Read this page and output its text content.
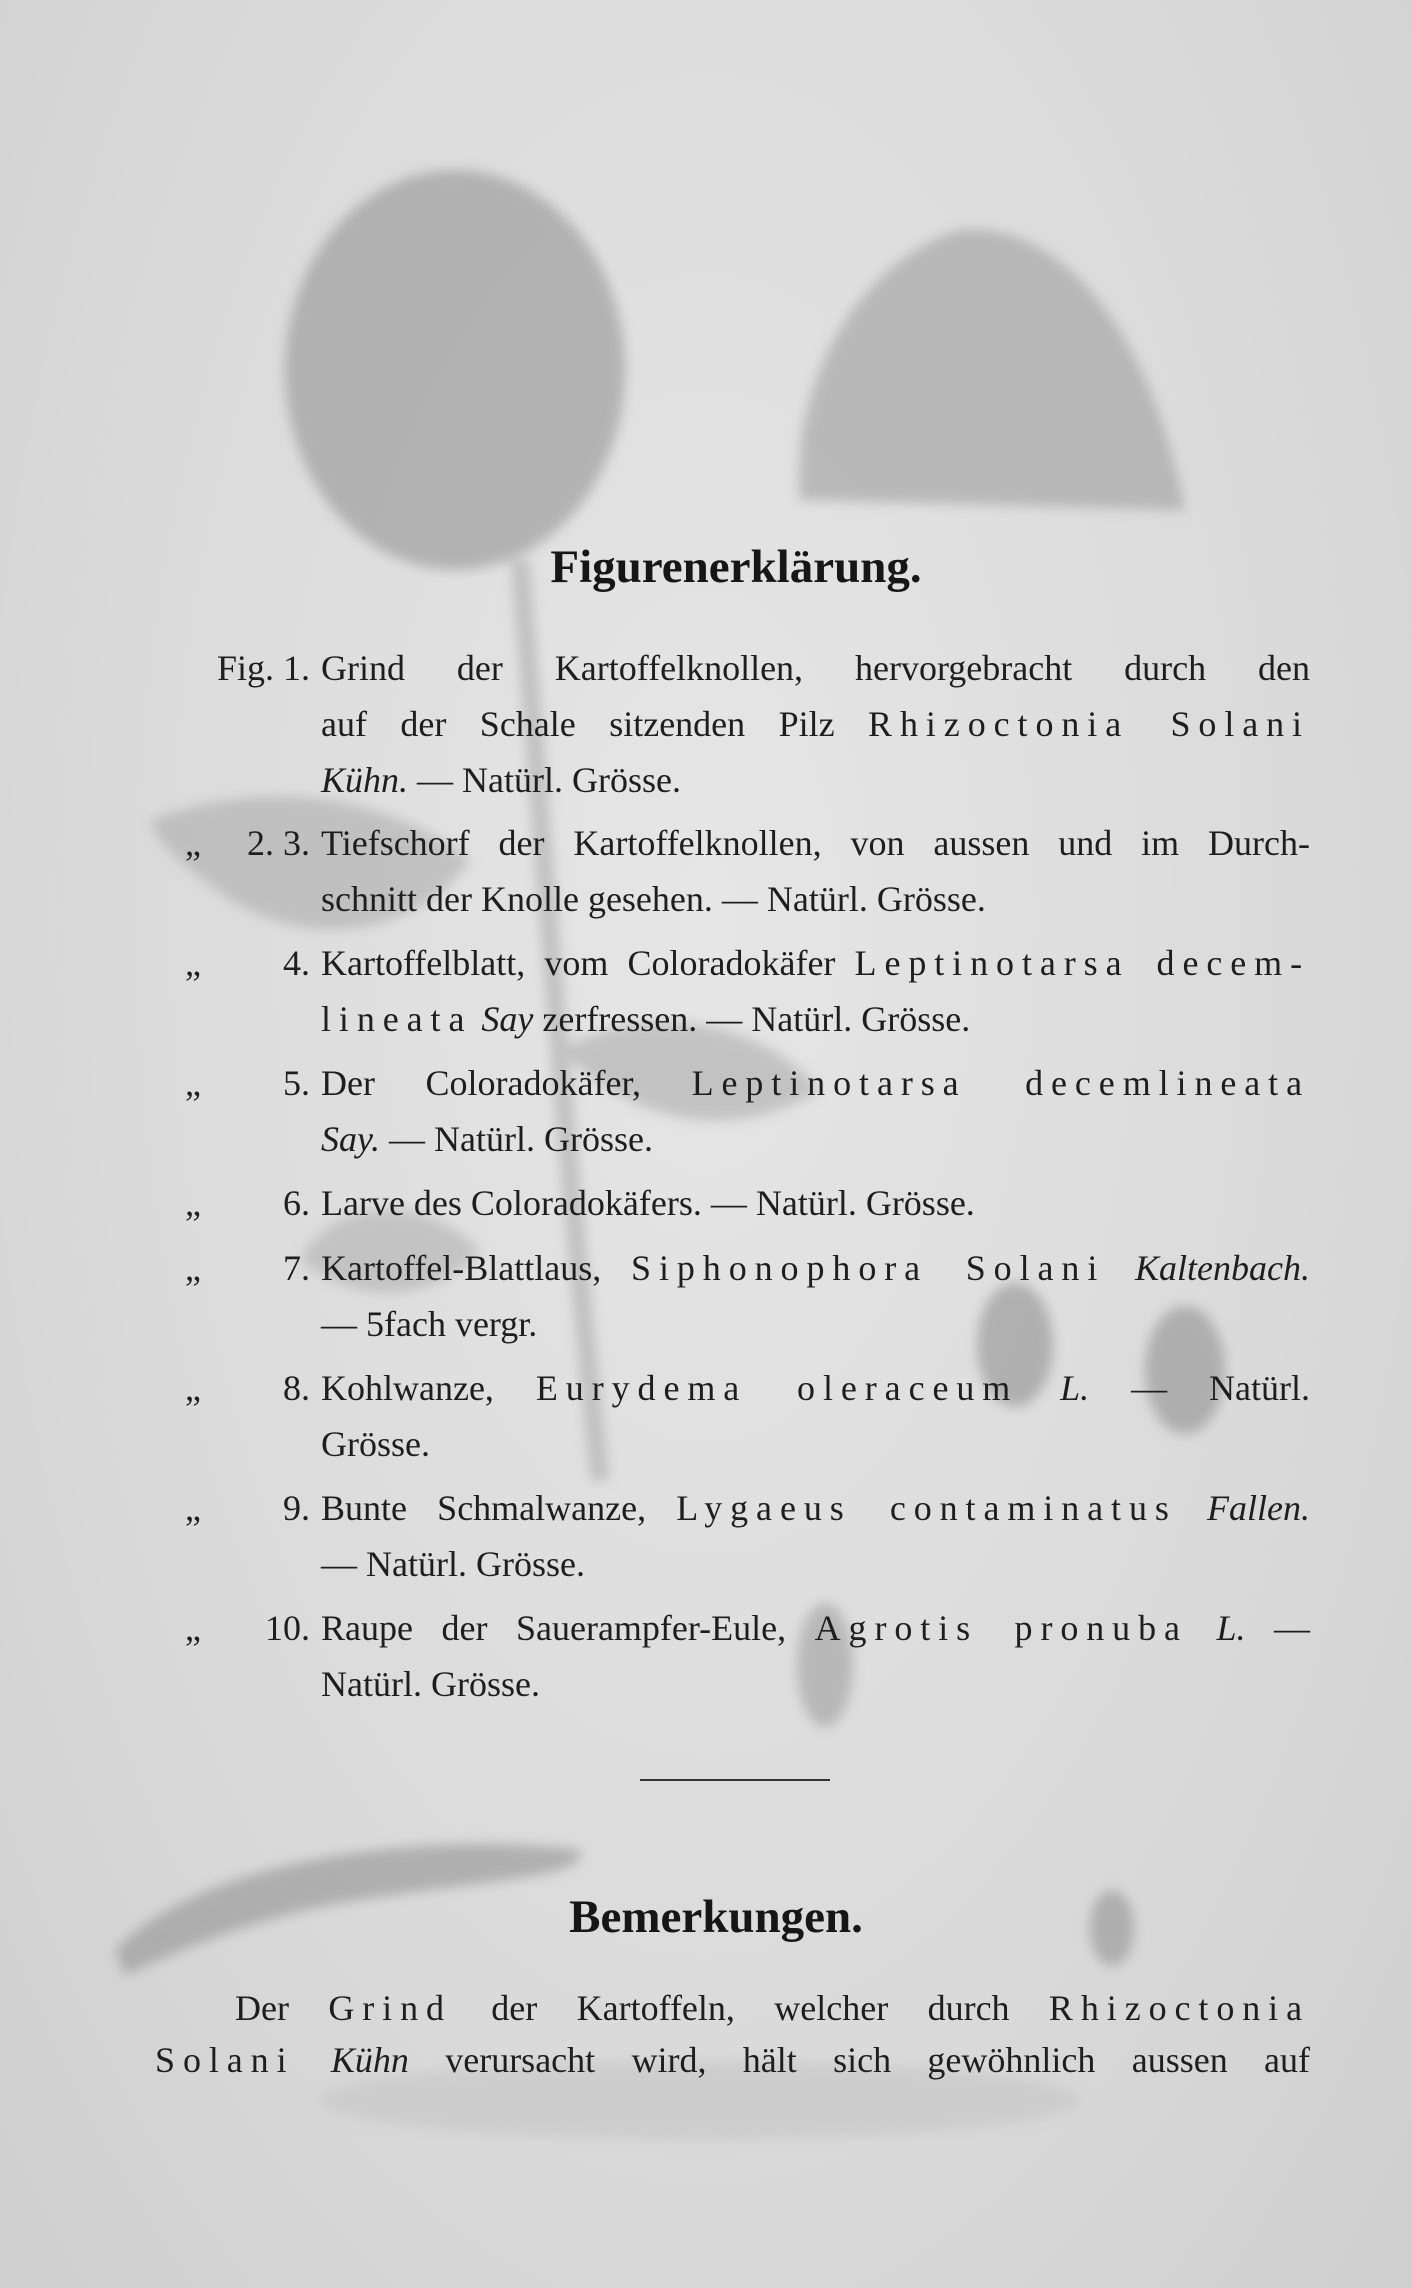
Figurenerklärung.
Fig. 1. Grind der Kartoffelknollen, hervorgebracht durch den
auf der Schale sitzenden Pilz Rhizoctonia Solani
Kühn. — Natürl. Grösse.
„ 2. 3. Tiefschorf der Kartoffelknollen, von aussen und im Durch-
schnitt der Knolle gesehen. — Natürl. Grösse.
„ 4. Kartoffelblatt, vom Coloradokäfer Leptinotarsa decem-
lineata Say zerfressen. — Natürl. Grösse.
„ 5. Der Coloradokäfer, Leptinotarsa decemlineata
Say. — Natürl. Grösse.
„ 6. Larve des Coloradokäfers. — Natürl. Grösse.
„ 7. Kartoffel-Blattlaus, Siphonophora Solani Kaltenbach.
— 5fach vergr.
„ 8. Kohlwanze, Eurydema oleraceum L. — Natürl.
Grösse.
„ 9. Bunte Schmalwanze, Lygaeus contaminatus Fallen.
— Natürl. Grösse.
„ 10. Raupe der Sauerampfer-Eule, Agrotis pronuba L. —
Natürl. Grösse.
Bemerkungen.
Der Grind der Kartoffeln, welcher durch Rhizoctonia
Solani Kühn verursacht wird, hält sich gewöhnlich aussen auf
